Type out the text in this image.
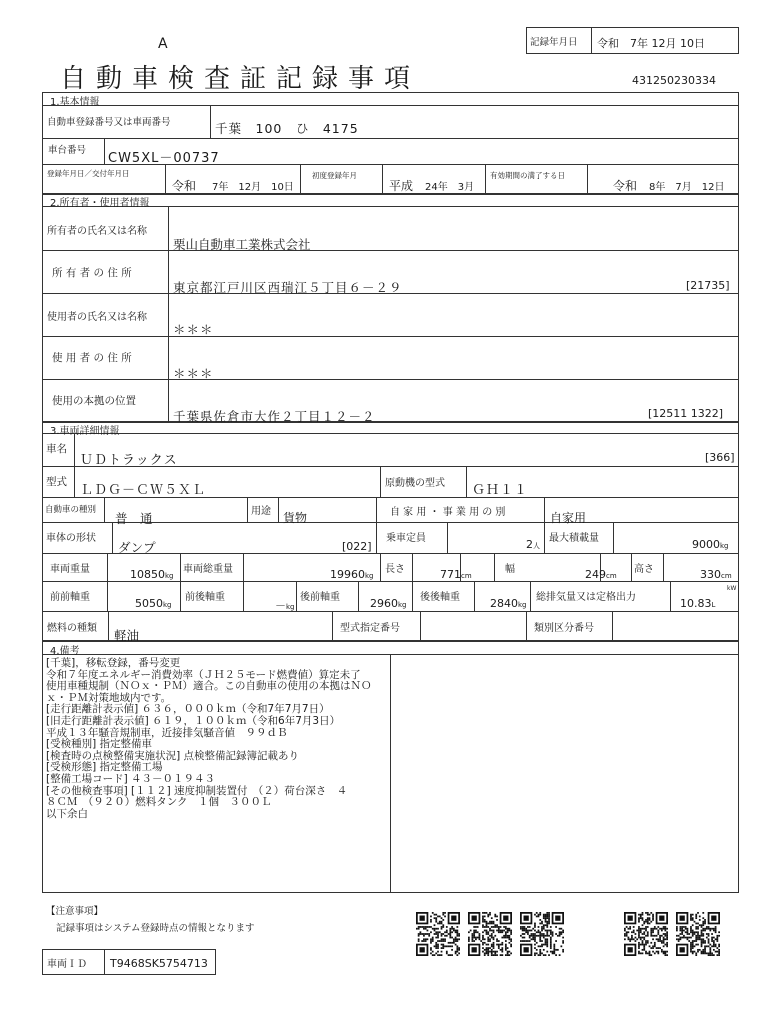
A
自動車検査証記録事項
記録年月日 令和　7年 12月 10日
431250230334
1.基本情報
自動車登録番号又は車両番号	千葉　100　ひ　4175
車台番号
CW5XL－00737
登録年月日／交付年月日
令和 7年　12月　10日
初度登録年月
平成 24年　3月
有効期間の満了する日
令和 8年　7月　12日
2.所有者・使用者情報
所有者の氏名又は名称
栗山自動車工業株式会社
所 有 者 の 住 所
東京都江戸川区西瑞江５丁目６－２９	[21735]
使用者の氏名又は名称
＊＊＊
使 用 者 の 住 所
＊＊＊
使用の本拠の位置
千葉県佐倉市大作２丁目１２－２	[12511 1322]
3.車両詳細情報
車名
ＵＤトラックス	[366]
型式
ＬＤＧ－ＣＷ５ＸＬ	原動機の型式 ＧＨ１１
自動車の種別
普　通	用途 貨物	自 家 用 ・ 事 業 用 の 別	自家用
車体の形状
ダンプ	[022]
乗車定員	2人
最大積載量	9000kg
車両重量	10850kg
車両総重量	19960kg
長さ	771cm
幅	249cm
高さ	330cm
前前軸重	5050kg
前後軸重
－kg
後前軸重	2960kg
後後軸重	2840kg
総排気量又は定格出力
kW
10.83L
燃料の種類 軽油	型式指定番号	類別区分番号
4.備考
[千葉]，移転登録，番号変更
令和７年度エネルギー消費効率（ＪＨ２５モード燃費値）算定未了
使用車種規制（ＮＯｘ・ＰＭ）適合。この自動車の使用の本拠はＮＯ
ｘ・ＰＭ対策地域内です。
[走行距離計表示値] ６３６，０００ｋｍ（令和7年7月7日）
[旧走行距離計表示値] ６１９，１００ｋｍ（令和6年7月3日）
平成１３年騒音規制車，近接排気騒音値　９９ｄＢ
[受検種別] 指定整備車
[検査時の点検整備実施状況] 点検整備記録簿記載あり
[受検形態] 指定整備工場
[整備工場コード] ４３－０１９４３
[その他検査事項] [１１２] 速度抑制装置付　（２）荷台深さ　４
８ＣＭ　（９２０）燃料タンク　１個　３００Ｌ
以下余白
【注意事項】
記録事項はシステム登録時点の情報となります
車両ＩＤ T9468SK5754713
